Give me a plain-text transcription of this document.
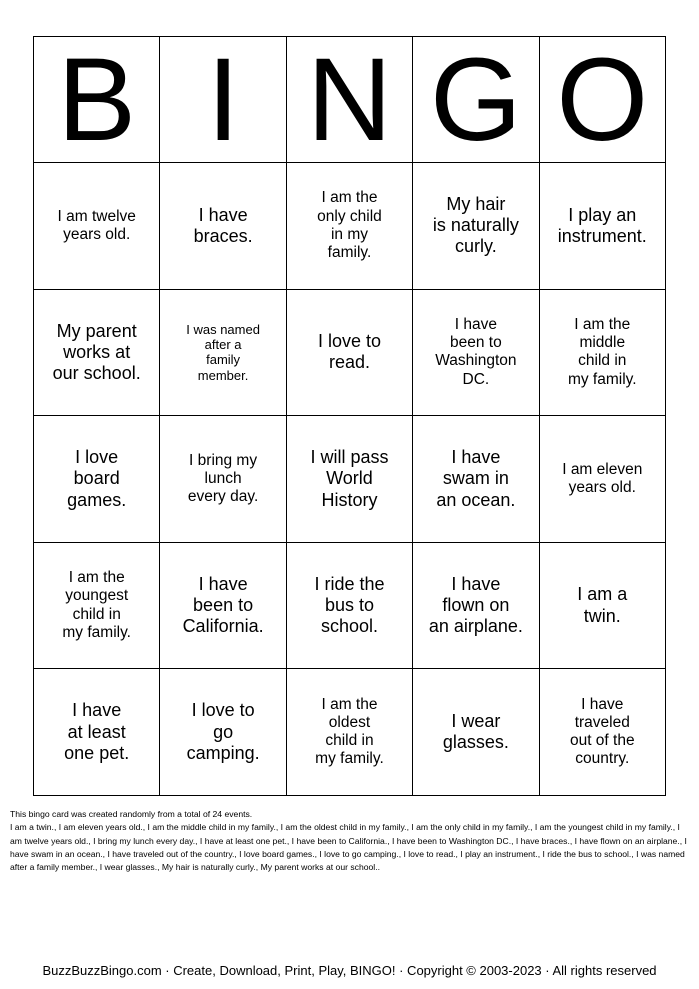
B	I	N	G	O
I am twelve
years old.	I have
braces.	I am the
only child
in my
family.	My hair
is naturally
curly.	I play an
instrument.
My parent
works at
our school.	I was named
after a
family
member.	I love to
read.	I have
been to
Washington
DC.	I am the
middle
child in
my family.
I love
board
games.	I bring my
lunch
every day.	I will pass
World
History	I have
swam in
an ocean.	I am eleven
years old.
I am the
youngest
child in
my family.	I have
been to
California.	I ride the
bus to
school.	I have
flown on
an airplane.	I am a
twin.
I have
at least
one pet.	I love to
go
camping.	I am the
oldest
child in
my family.	I wear
glasses.	I have
traveled
out of the
country.
This bingo card was created randomly from a total of 24 events.
I am a twin., I am eleven years old., I am the middle child in my family., I am the oldest child in my family., I am the only child in my family., I am the youngest child in my family., I am twelve years old., I bring my lunch every day., I have at least one pet., I have been to California., I have been to Washington DC., I have braces., I have flown on an airplane., I have swam in an ocean., I have traveled out of the country., I love board games., I love to go camping., I love to read., I play an instrument., I ride the bus to school., I was named after a family member., I wear glasses., My hair is naturally curly., My parent works at our school..
BuzzBuzzBingo.com · Create, Download, Print, Play, BINGO! · Copyright © 2003-2023 · All rights reserved
